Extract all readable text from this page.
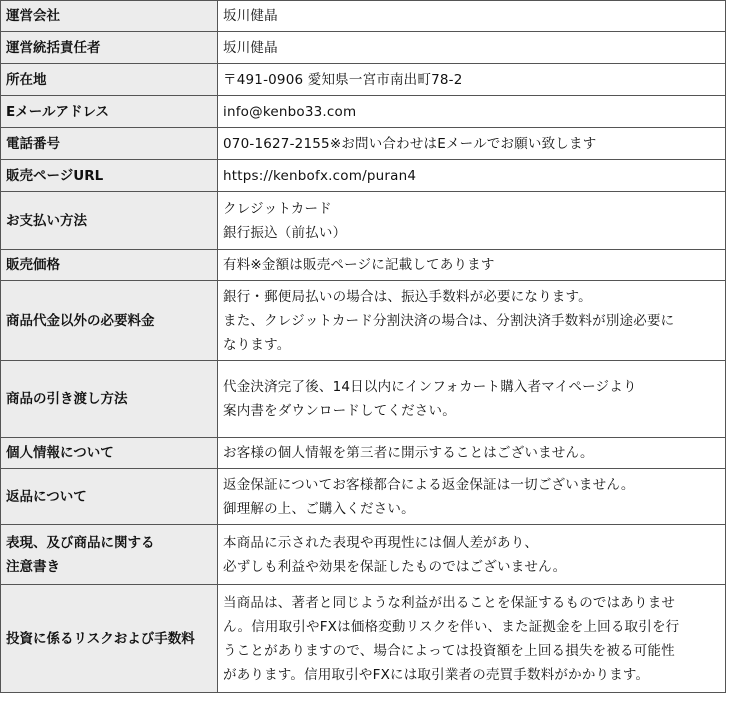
運営会社	坂川健晶

運営統括責任者	坂川健晶

所在地	〒491-0906 愛知県一宮市南出町78-2

Eメールアドレス	info@kenbo33.com

電話番号	070-1627-2155※お問い合わせはEメールでお願い致します

販売ページURL	https://kenbofx.com/puran4

お支払い方法	クレジットカード
銀行振込（前払い）

販売価格	有料※金額は販売ページに記載してあります

商品代金以外の必要料金	銀行・郵便局払いの場合は、振込手数料が必要になります。
また、クレジットカード分割決済の場合は、分割決済手数料が別途必要に
なります。

商品の引き渡し方法	代金決済完了後、14日以内にインフォカート購入者マイページより
案内書をダウンロードしてください。

個人情報について	お客様の個人情報を第三者に開示することはございません。

返品について	返金保証についてお客様都合による返金保証は一切ございません。
御理解の上、ご購入ください。

表現、及び商品に関する
注意書き	本商品に示された表現や再現性には個人差があり、
必ずしも利益や効果を保証したものではございません。

投資に係るリスクおよび手数料	当商品は、著者と同じような利益が出ることを保証するものではありませ
ん。信用取引やFXは価格変動リスクを伴い、また証拠金を上回る取引を行
うことがありますので、場合によっては投資額を上回る損失を被る可能性
があります。信用取引やFXには取引業者の売買手数料がかかります。
